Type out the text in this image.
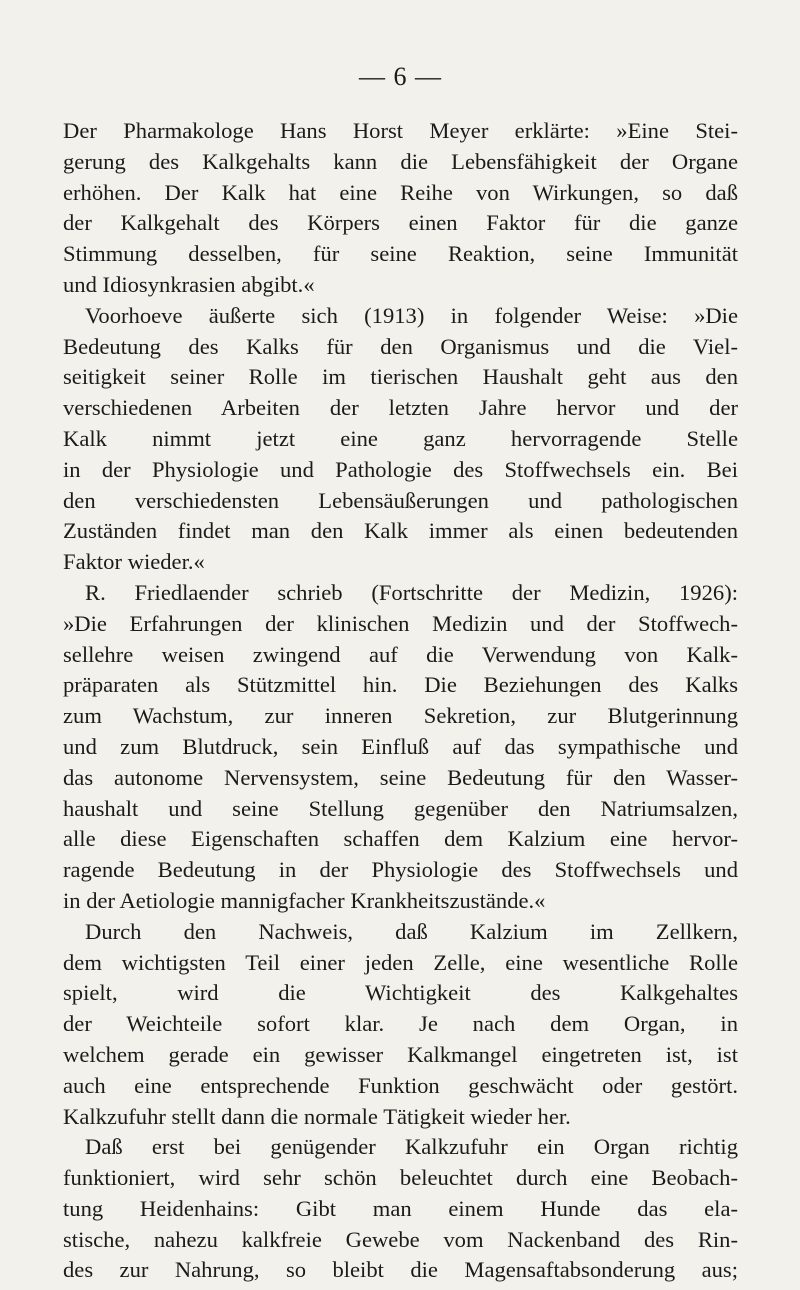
— 6 —
Der Pharmakologe Hans Horst Meyer erklärte: »Eine Stei-
gerung des Kalkgehalts kann die Lebensfähigkeit der Organe
erhöhen. Der Kalk hat eine Reihe von Wirkungen, so daß
der Kalkgehalt des Körpers einen Faktor für die ganze
Stimmung desselben, für seine Reaktion, seine Immunität
und Idiosynkrasien abgibt.«
Voorhoeve äußerte sich (1913) in folgender Weise: »Die
Bedeutung des Kalks für den Organismus und die Viel-
seitigkeit seiner Rolle im tierischen Haushalt geht aus den
verschiedenen Arbeiten der letzten Jahre hervor und der
Kalk nimmt jetzt eine ganz hervorragende Stelle
in der Physiologie und Pathologie des Stoffwechsels ein. Bei
den verschiedensten Lebensäußerungen und pathologischen
Zuständen findet man den Kalk immer als einen bedeutenden
Faktor wieder.«
R. Friedlaender schrieb (Fortschritte der Medizin, 1926):
»Die Erfahrungen der klinischen Medizin und der Stoffwech-
sellehre weisen zwingend auf die Verwendung von Kalk-
präparaten als Stützmittel hin. Die Beziehungen des Kalks
zum Wachstum, zur inneren Sekretion, zur Blutgerinnung
und zum Blutdruck, sein Einfluß auf das sympathische und
das autonome Nervensystem, seine Bedeutung für den Wasser-
haushalt und seine Stellung gegenüber den Natriumsalzen,
alle diese Eigenschaften schaffen dem Kalzium eine hervor-
ragende Bedeutung in der Physiologie des Stoffwechsels und
in der Aetiologie mannigfacher Krankheitszustände.«
Durch den Nachweis, daß Kalzium im Zellkern,
dem wichtigsten Teil einer jeden Zelle, eine wesentliche Rolle
spielt, wird die Wichtigkeit des Kalkgehaltes
der Weichteile sofort klar. Je nach dem Organ, in
welchem gerade ein gewisser Kalkmangel eingetreten ist, ist
auch eine entsprechende Funktion geschwächt oder gestört.
Kalkzufuhr stellt dann die normale Tätigkeit wieder her.
Daß erst bei genügender Kalkzufuhr ein Organ richtig
funktioniert, wird sehr schön beleuchtet durch eine Beobach-
tung Heidenhains: Gibt man einem Hunde das ela-
stische, nahezu kalkfreie Gewebe vom Nackenband des Rin-
des zur Nahrung, so bleibt die Magensaftabsonderung aus;
